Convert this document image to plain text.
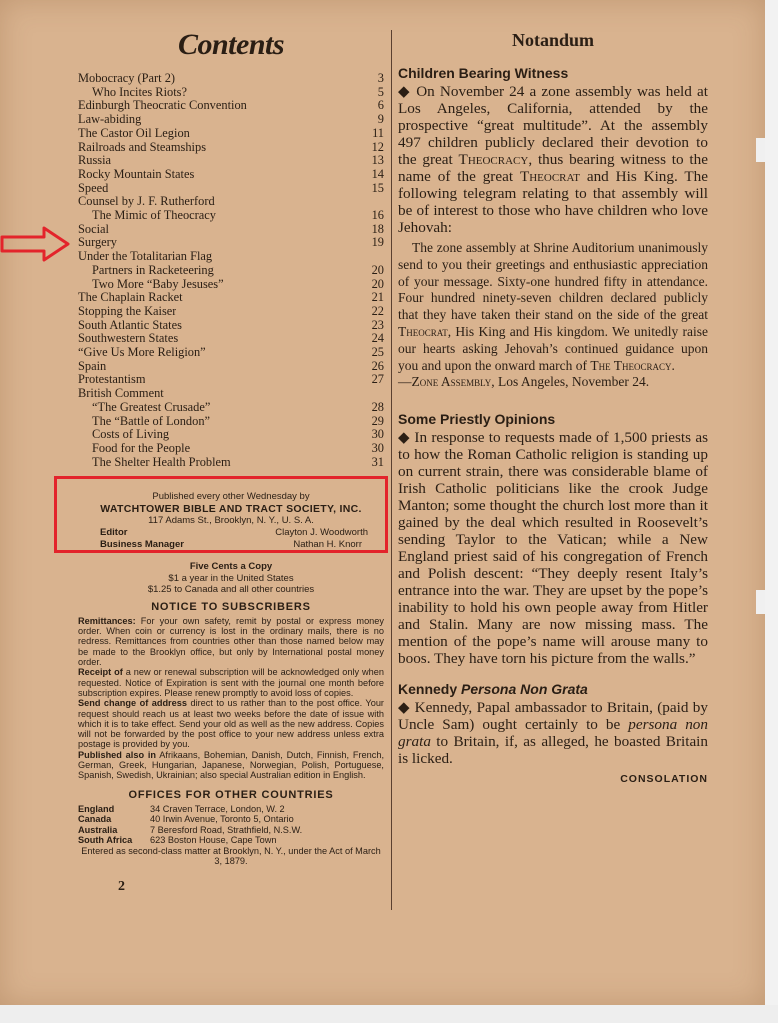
Contents
Mobocracy (Part 2)	3
Who Incites Riots?	5
Edinburgh Theocratic Convention	6
Law-abiding	9
The Castor Oil Legion	11
Railroads and Steamships	12
Russia	13
Rocky Mountain States	14
Speed	15
Counsel by J. F. Rutherford
The Mimic of Theocracy	16
Social	18
Surgery	19
Under the Totalitarian Flag
Partners in Racketeering	20
Two More “Baby Jesuses”	20
The Chaplain Racket	21
Stopping the Kaiser	22
South Atlantic States	23
Southwestern States	24
“Give Us More Religion”	25
Spain	26
Protestantism	27
British Comment
“The Greatest Crusade”	28
The “Battle of London”	29
Costs of Living	30
Food for the People	30
The Shelter Health Problem	31
Published every other Wednesday by
WATCHTOWER BIBLE AND TRACT SOCIETY, INC.
117 Adams St., Brooklyn, N. Y., U. S. A.
Editor	Clayton J. Woodworth
Business Manager	Nathan H. Knorr
Five Cents a Copy
$1 a year in the United States
$1.25 to Canada and all other countries
NOTICE TO SUBSCRIBERS
Remittances: For your own safety, remit by postal or express money order. When coin or currency is lost in the ordinary mails, there is no redress. Remittances from countries other than those named below may be made to the Brooklyn office, but only by International postal money order.
Receipt of a new or renewal subscription will be acknowledged only when requested. Notice of Expiration is sent with the journal one month before subscription expires. Please renew promptly to avoid loss of copies.
Send change of address direct to us rather than to the post office. Your request should reach us at least two weeks before the date of issue with which it is to take effect. Send your old as well as the new address. Copies will not be forwarded by the post office to your new address unless extra postage is provided by you.
Published also in Afrikaans, Bohemian, Danish, Dutch, Finnish, French, German, Greek, Hungarian, Japanese, Norwegian, Polish, Portuguese, Spanish, Swedish, Ukrainian; also special Australian edition in English.
OFFICES FOR OTHER COUNTRIES
England	34 Craven Terrace, London, W. 2
Canada	40 Irwin Avenue, Toronto 5, Ontario
Australia	7 Beresford Road, Strathfield, N.S.W.
South Africa	623 Boston House, Cape Town
Entered as second-class matter at Brooklyn, N. Y., under the Act of March 3, 1879.
2
Notandum
Children Bearing Witness

◆ On November 24 a zone assembly was held at Los Angeles, California, attended by the prospective “great multitude”. At the assembly 497 children publicly declared their devotion to the great Theocracy, thus bearing witness to the name of the great Theocrat and His King. The following telegram relating to that assembly will be of interest to those who have children who love Jehovah:

The zone assembly at Shrine Auditorium unanimously send to you their greetings and enthusiastic appreciation of your message. Sixty-one hundred fifty in attendance. Four hundred ninety-seven children declared publicly that they have taken their stand on the side of the great Theocrat, His King and His kingdom. We unitedly raise our hearts asking Jehovah’s continued guidance upon you and upon the onward march of The Theocracy.
—Zone Assembly, Los Angeles, November 24.

Some Priestly Opinions

◆ In response to requests made of 1,500 priests as to how the Roman Catholic religion is standing up on current strain, there was considerable blame of Irish Catholic politicians like the crook Judge Manton; some thought the church lost more than it gained by the deal which resulted in Roosevelt’s sending Taylor to the Vatican; while a New England priest said of his congregation of French and Polish descent: “They deeply resent Italy’s entrance into the war. They are upset by the pope’s inability to hold his own people away from Hitler and Stalin. Many are now missing mass. The mention of the pope’s name will arouse many to boos. They have torn his picture from the walls.”

Kennedy Persona Non Grata

◆ Kennedy, Papal ambassador to Britain, (paid by Uncle Sam) ought certainly to be persona non grata to Britain, if, as alleged, he boasted Britain is licked.

CONSOLATION
